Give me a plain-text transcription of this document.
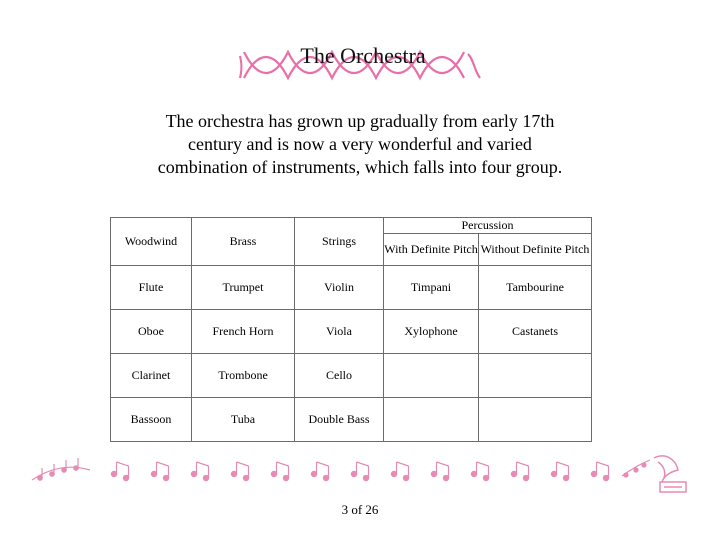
The Orchestra
The orchestra has grown up gradually from early 17th
century and is now a very wonderful and varied
combination of instruments, which falls into four group.
Woodwind	Brass	Strings	Percussion	
			With Definite Pitch	Without Definite Pitch
Flute	Trumpet	Violin	Timpani	Tambourine
Oboe	French Horn	Viola	Xylophone	Castanets
Clarinet	Trombone	Cello		
Bassoon	Tuba	Double Bass		
3 of 26
